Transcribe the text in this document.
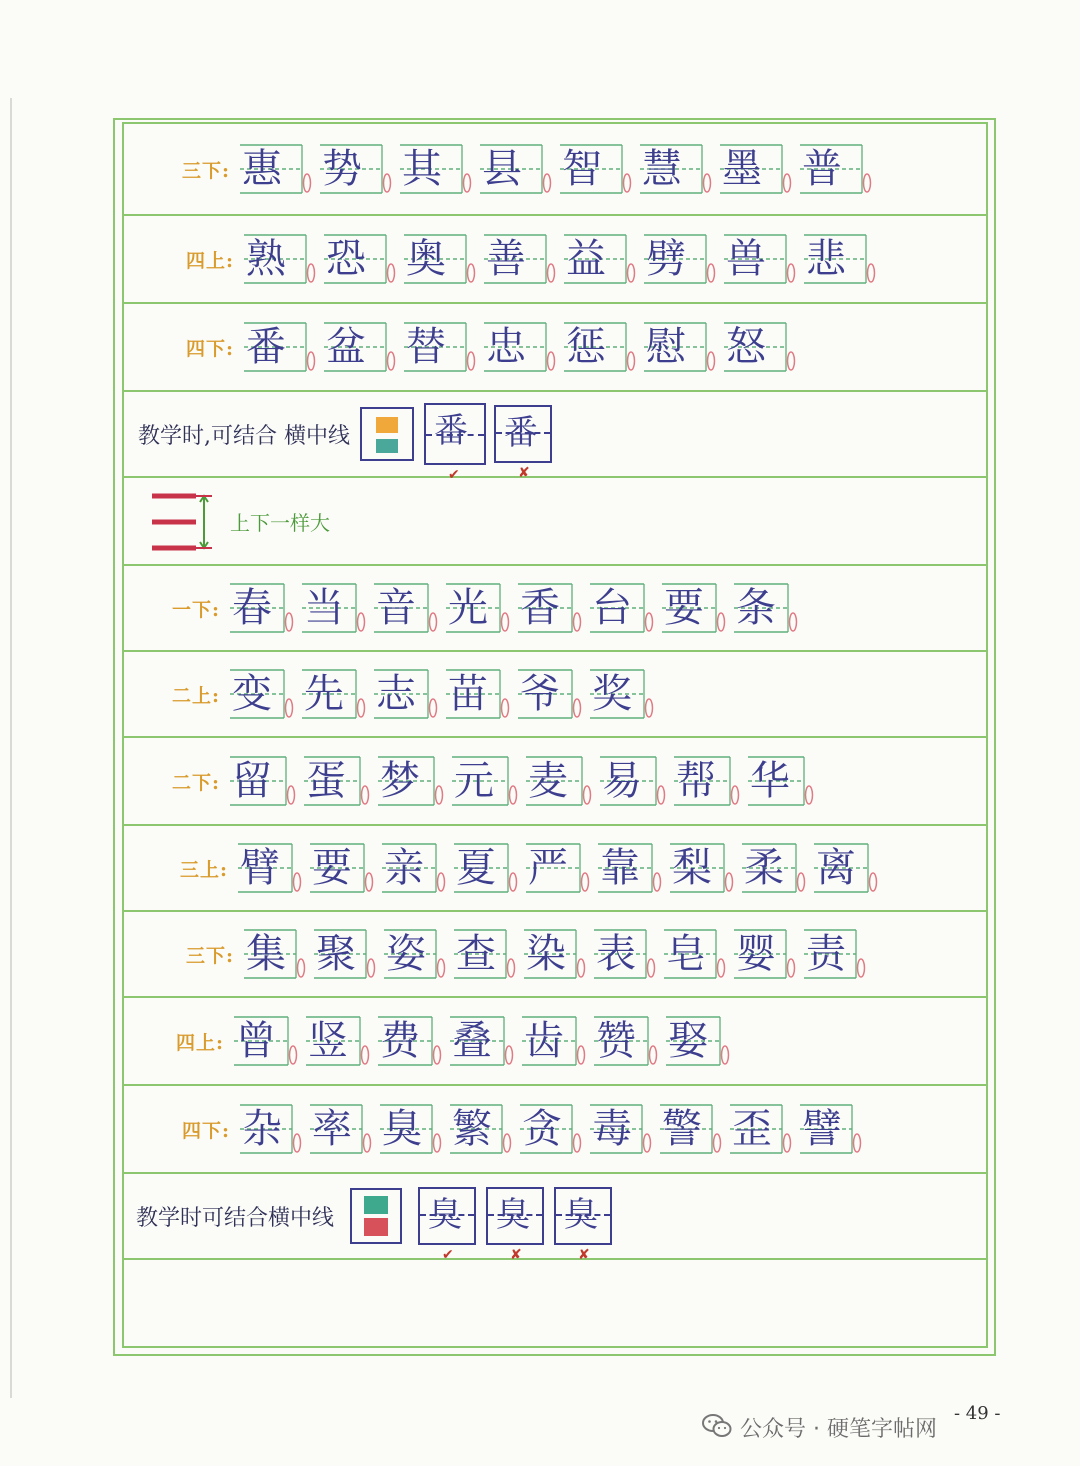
三下: 惠 势 其 县 智 慧 墨 普
四上: 熟 恐 奥 善 益 劈 兽 悲
四下: 番 盆 替 忠 惩 慰 怒
教学时,可结合 横中线 番
✔
番
✘
上下一样大
一下: 春 当 音 光 香 台 要 条
二上: 变 先 志 苗 爷 奖
二下: 留 蛋 梦 元 麦 易 帮 华
三上: 臂 要 亲 夏 严 靠 梨 柔 离
三下: 集 聚 姿 查 染 表 皂 婴 责
四上: 曾 竖 费 叠 齿 赞 娶
四下: 杂 率 臭 繁 贪 毒 警 歪 譬
教学时可结合横中线	臭
✔
臭
✘
臭
✘
公众号 · 硬笔字帖网
- 49 -
